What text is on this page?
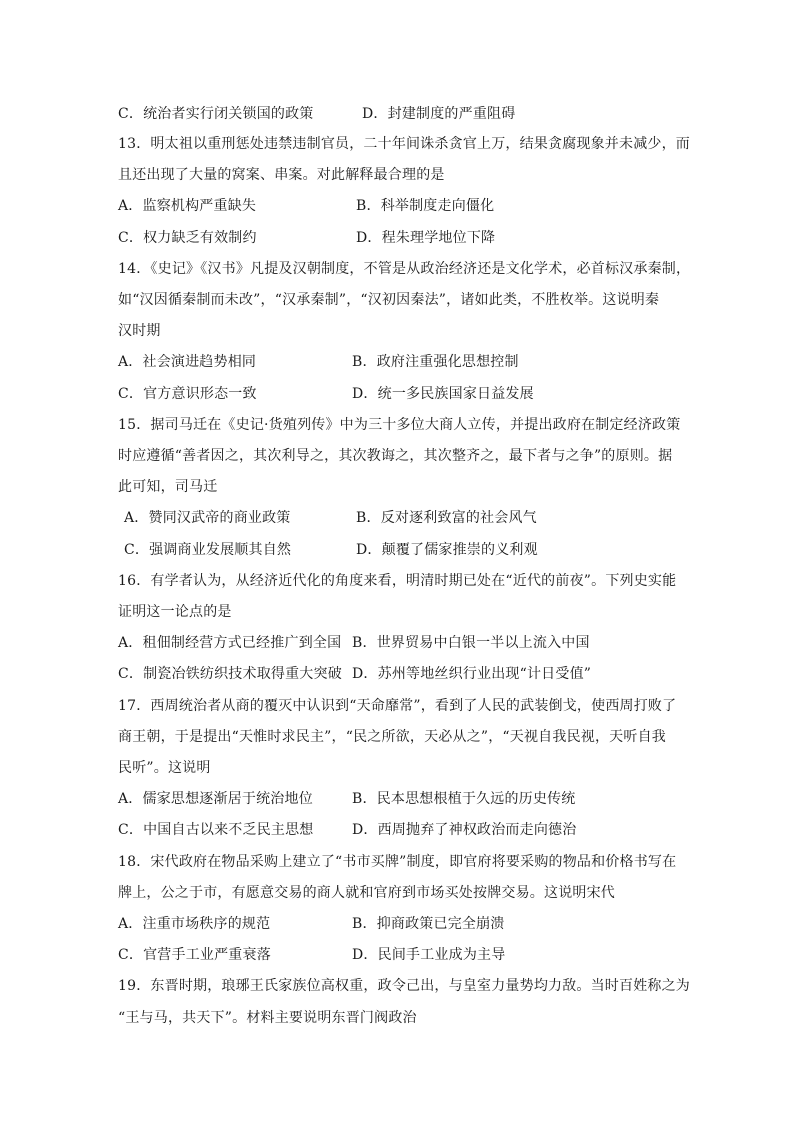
C．统治者实行闭关锁国的政策	D．封建制度的严重阻碍
13．明太祖以重刑惩处违禁违制官员，二十年间诛杀贪官上万，结果贪腐现象并未减少，而
且还出现了大量的窝案、串案。对此解释最合理的是
A．监察机构严重缺失	B．科举制度走向僵化
C．权力缺乏有效制约	D．程朱理学地位下降
14．《史记》《汉书》凡提及汉朝制度，不管是从政治经济还是文化学术，必首标汉承秦制，
如“汉因循秦制而未改”，“汉承秦制”，“汉初因秦法”，诸如此类，不胜枚举。这说明秦
汉时期
A．社会演进趋势相同	B．政府注重强化思想控制
C．官方意识形态一致	D．统一多民族国家日益发展
15．据司马迁在《史记·货殖列传》中为三十多位大商人立传，并提出政府在制定经济政策
时应遵循“善者因之，其次利导之，其次教诲之，其次整齐之，最下者与之争”的原则。据
此可知，司马迁
A．赞同汉武帝的商业政策	B．反对逐利致富的社会风气
C．强调商业发展顺其自然	D．颠覆了儒家推崇的义利观
16．有学者认为，从经济近代化的角度来看，明清时期已处在“近代的前夜”。下列史实能
证明这一论点的是
A．租佃制经营方式已经推广到全国 B．世界贸易中白银一半以上流入中国
C．制瓷冶铁纺织技术取得重大突破 D．苏州等地丝织行业出现“计日受值”
17．西周统治者从商的覆灭中认识到“天命靡常”，看到了人民的武装倒戈，使西周打败了
商王朝，于是提出“天惟时求民主”，“民之所欲，天必从之”，“天视自我民视，天听自我
民听”。这说明
A．儒家思想逐渐居于统治地位	B．民本思想根植于久远的历史传统
C．中国自古以来不乏民主思想	D．西周抛弃了神权政治而走向德治
18．宋代政府在物品采购上建立了“书市买牌”制度，即官府将要采购的物品和价格书写在
牌上，公之于市，有愿意交易的商人就和官府到市场买处按牌交易。这说明宋代
A．注重市场秩序的规范	B．抑商政策已完全崩溃
C．官营手工业严重衰落	D．民间手工业成为主导
19．东晋时期，琅琊王氏家族位高权重，政令己出，与皇室力量势均力敌。当时百姓称之为
“王与马，共天下”。材料主要说明东晋门阀政治
